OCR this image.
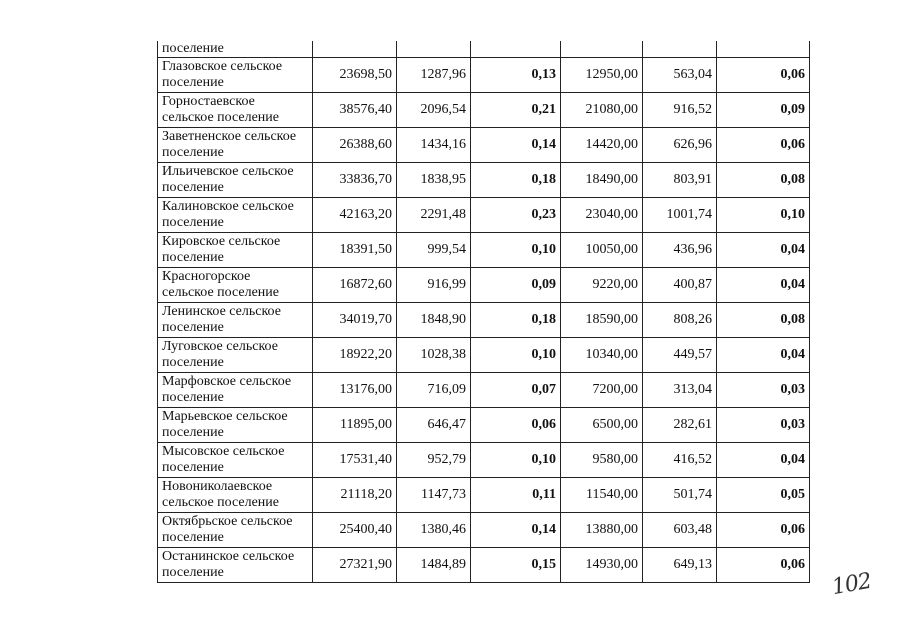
поселение						
Глазовское сельское
поселение	23698,50	1287,96	0,13	12950,00	563,04	0,06
Горностаевское
сельское поселение	38576,40	2096,54	0,21	21080,00	916,52	0,09
Заветненское сельское
поселение	26388,60	1434,16	0,14	14420,00	626,96	0,06
Ильичевское сельское
поселение	33836,70	1838,95	0,18	18490,00	803,91	0,08
Калиновское сельское
поселение	42163,20	2291,48	0,23	23040,00	1001,74	0,10
Кировское сельское
поселение	18391,50	999,54	0,10	10050,00	436,96	0,04
Красногорское
сельское поселение	16872,60	916,99	0,09	9220,00	400,87	0,04
Ленинское сельское
поселение	34019,70	1848,90	0,18	18590,00	808,26	0,08
Луговское сельское
поселение	18922,20	1028,38	0,10	10340,00	449,57	0,04
Марфовское сельское
поселение	13176,00	716,09	0,07	7200,00	313,04	0,03
Марьевское сельское
поселение	11895,00	646,47	0,06	6500,00	282,61	0,03
Мысовское сельское
поселение	17531,40	952,79	0,10	9580,00	416,52	0,04
Новониколаевское
сельское поселение	21118,20	1147,73	0,11	11540,00	501,74	0,05
Октябрьское сельское
поселение	25400,40	1380,46	0,14	13880,00	603,48	0,06
Останинское сельское
поселение	27321,90	1484,89	0,15	14930,00	649,13	0,06
102
